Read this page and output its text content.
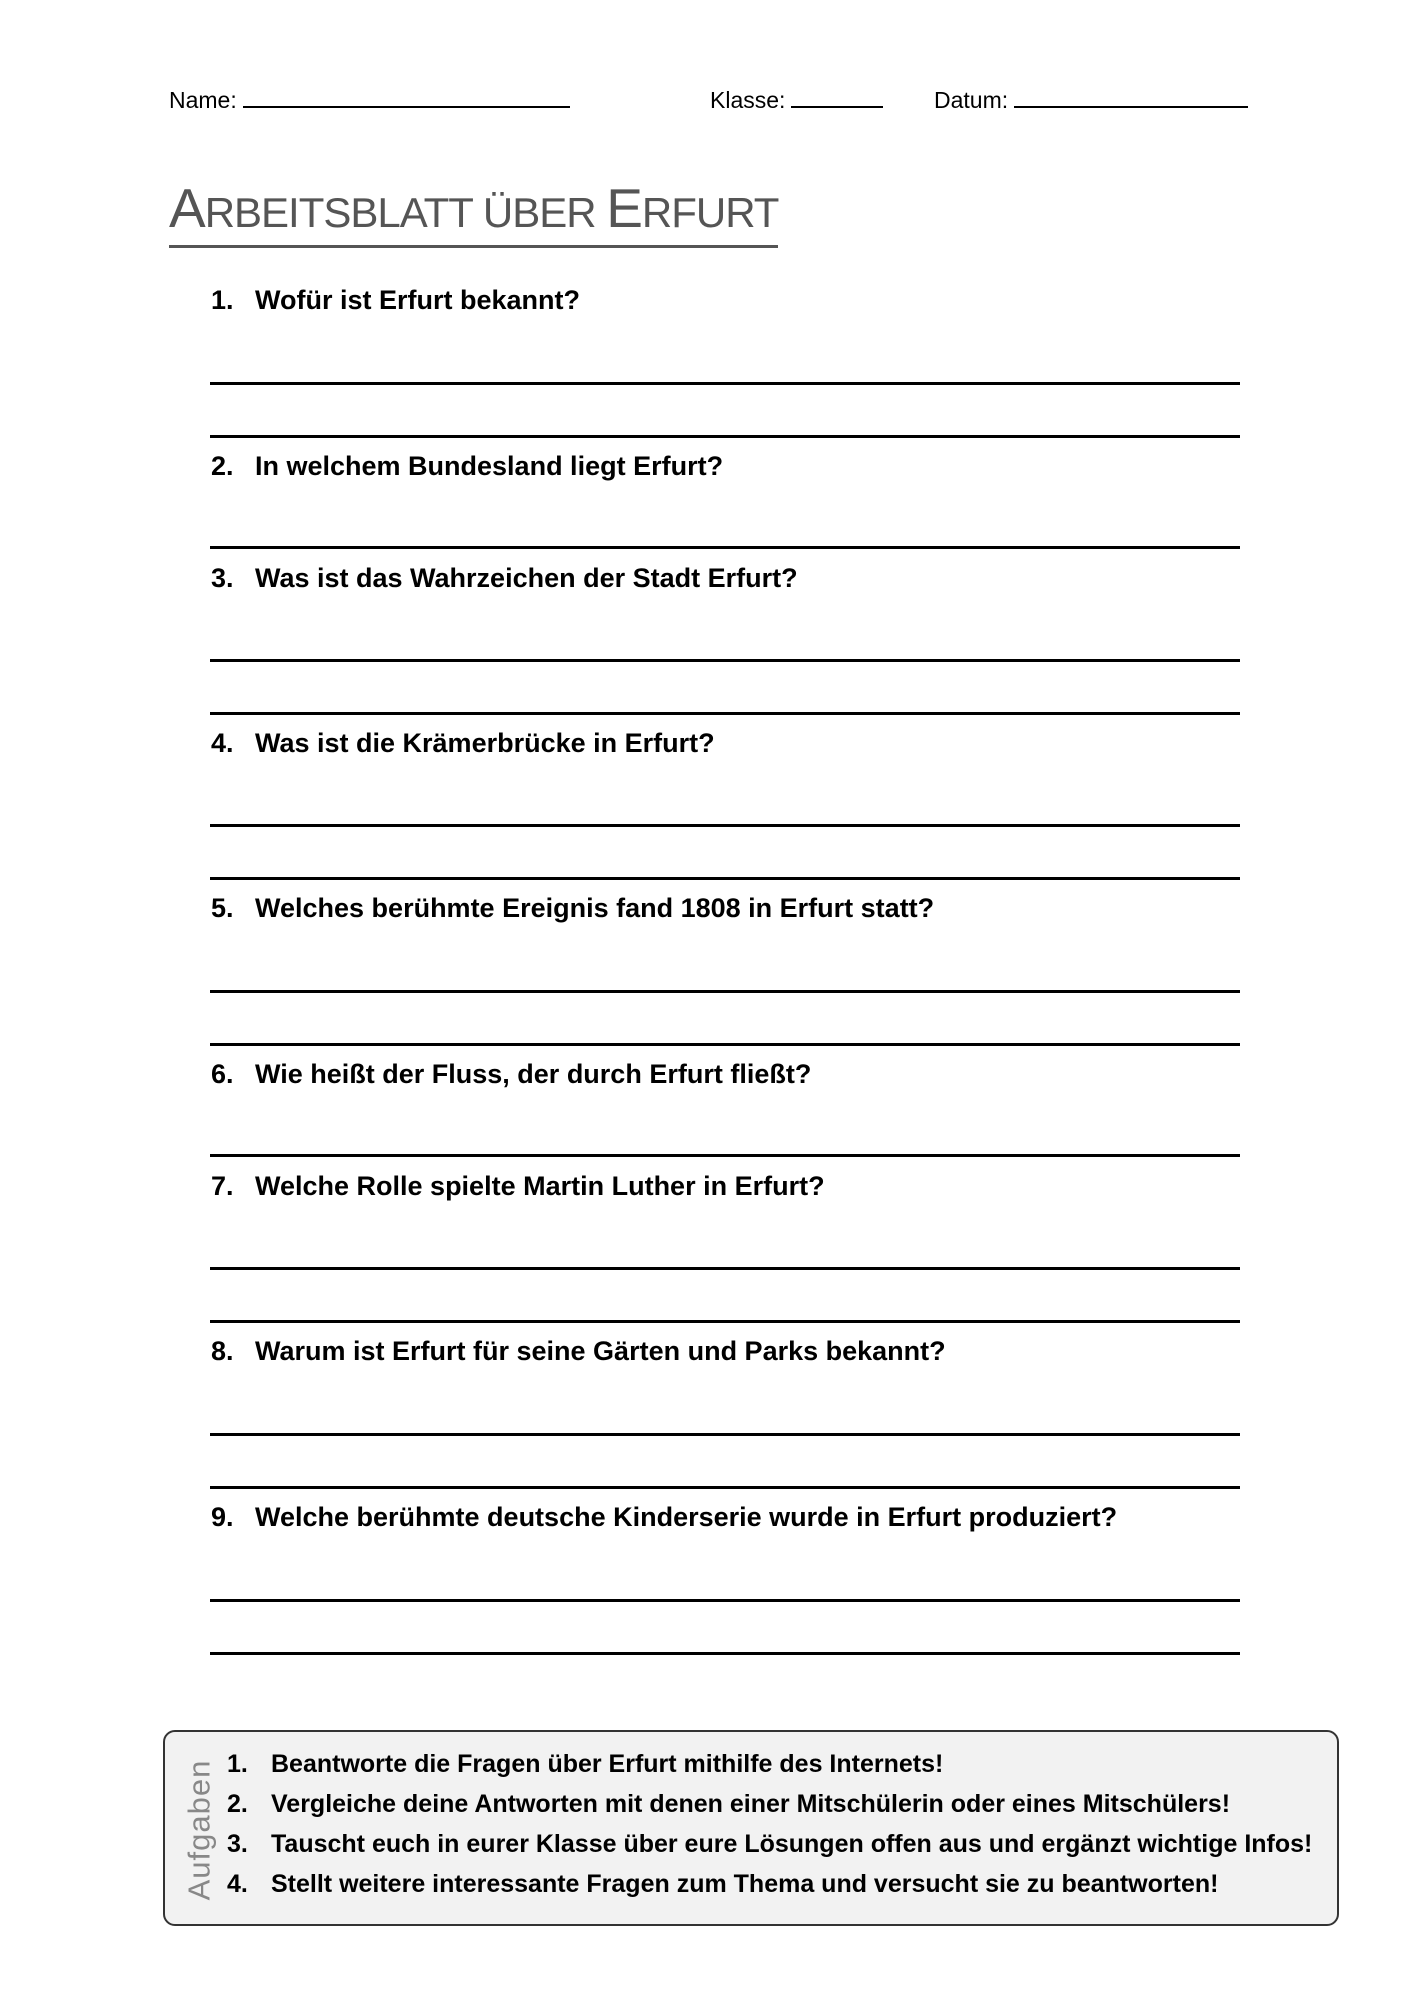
Name:	Klasse:	Datum:
ARBEITSBLATT ÜBER ERFURT
1. Wofür ist Erfurt bekannt?
2. In welchem Bundesland liegt Erfurt?
3. Was ist das Wahrzeichen der Stadt Erfurt?
4. Was ist die Krämerbrücke in Erfurt?
5. Welches berühmte Ereignis fand 1808 in Erfurt statt?
6. Wie heißt der Fluss, der durch Erfurt fließt?
7. Welche Rolle spielte Martin Luther in Erfurt?
8. Warum ist Erfurt für seine Gärten und Parks bekannt?
9. Welche berühmte deutsche Kinderserie wurde in Erfurt produziert?
Aufgaben 1. Beantworte die Fragen über Erfurt mithilfe des Internets!
2. Vergleiche deine Antworten mit denen einer Mitschülerin oder eines Mitschülers!
3. Tauscht euch in eurer Klasse über eure Lösungen offen aus und ergänzt wichtige Infos!
4. Stellt weitere interessante Fragen zum Thema und versucht sie zu beantworten!
